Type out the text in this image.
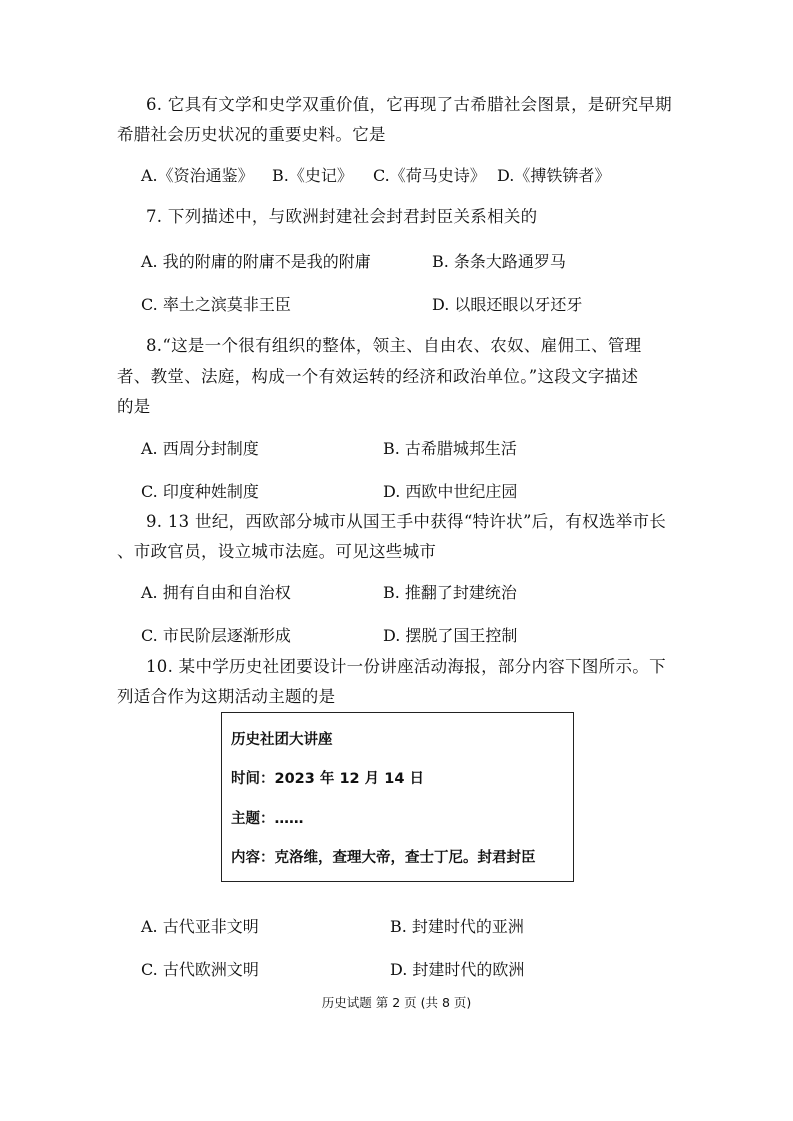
6. 它具有文学和史学双重价值，它再现了古希腊社会图景，是研究早期
希腊社会历史状况的重要史料。它是
A.《资治通鉴》 B.《史记》 C.《荷马史诗》 D.《搏铁锛者》
7. 下列描述中，与欧洲封建社会封君封臣关系相关的
A. 我的附庸的附庸不是我的附庸	B. 条条大路通罗马
C. 率土之滨莫非王臣	D. 以眼还眼以牙还牙
8.“这是一个很有组织的整体，领主、自由农、农奴、雇佣工、管理
者、教堂、法庭，构成一个有效运转的经济和政治单位。”这段文字描述
的是
A. 西周分封制度	B. 古希腊城邦生活
C. 印度种姓制度	D. 西欧中世纪庄园
9. 13 世纪，西欧部分城市从国王手中获得“特许状”后，有权选举市长
、市政官员，设立城市法庭。可见这些城市
A. 拥有自由和自治权	B. 推翻了封建统治
C. 市民阶层逐渐形成	D. 摆脱了国王控制
10. 某中学历史社团要设计一份讲座活动海报，部分内容下图所示。下
列适合作为这期活动主题的是
历史社团大讲座
时间：2023 年 12 月 14 日
主题：……
内容：克洛维，查理大帝，查士丁尼。封君封臣
A. 古代亚非文明	B. 封建时代的亚洲
C. 古代欧洲文明	D. 封建时代的欧洲
历史试题 第 2 页 (共 8 页)
